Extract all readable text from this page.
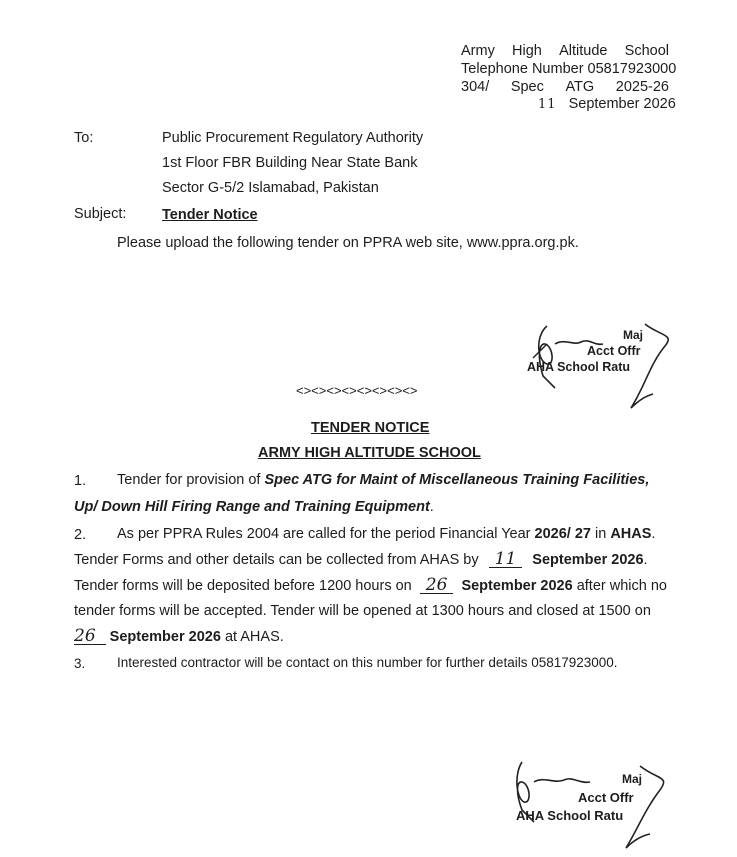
Army High Altitude School
Telephone Number 05817923000
304/ Spec ATG 2025-26
11 September 2026
To:	Public Procurement Regulatory Authority
1st Floor FBR Building Near State Bank
Sector G-5/2 Islamabad, Pakistan
Subject: Tender Notice
Please upload the following tender on PPRA web site, www.ppra.org.pk.
Maj
Acct Offr
AHA School Ratu
<><><><><><><><>
TENDER NOTICE
ARMY HIGH ALTITUDE SCHOOL
1. Tender for provision of Spec ATG for Maint of Miscellaneous Training Facilities,
Up/ Down Hill Firing Range and Training Equipment.
2. As per PPRA Rules 2004 are called for the period Financial Year 2026/ 27 in AHAS.
Tender Forms and other details can be collected from AHAS by 11 September 2026.
Tender forms will be deposited before 1200 hours on 26 September 2026 after which no
tender forms will be accepted. Tender will be opened at 1300 hours and closed at 1500 on
26 September 2026 at AHAS.
3. Interested contractor will be contact on this number for further details 05817923000.
Maj
Acct Offr
AHA School Ratu
